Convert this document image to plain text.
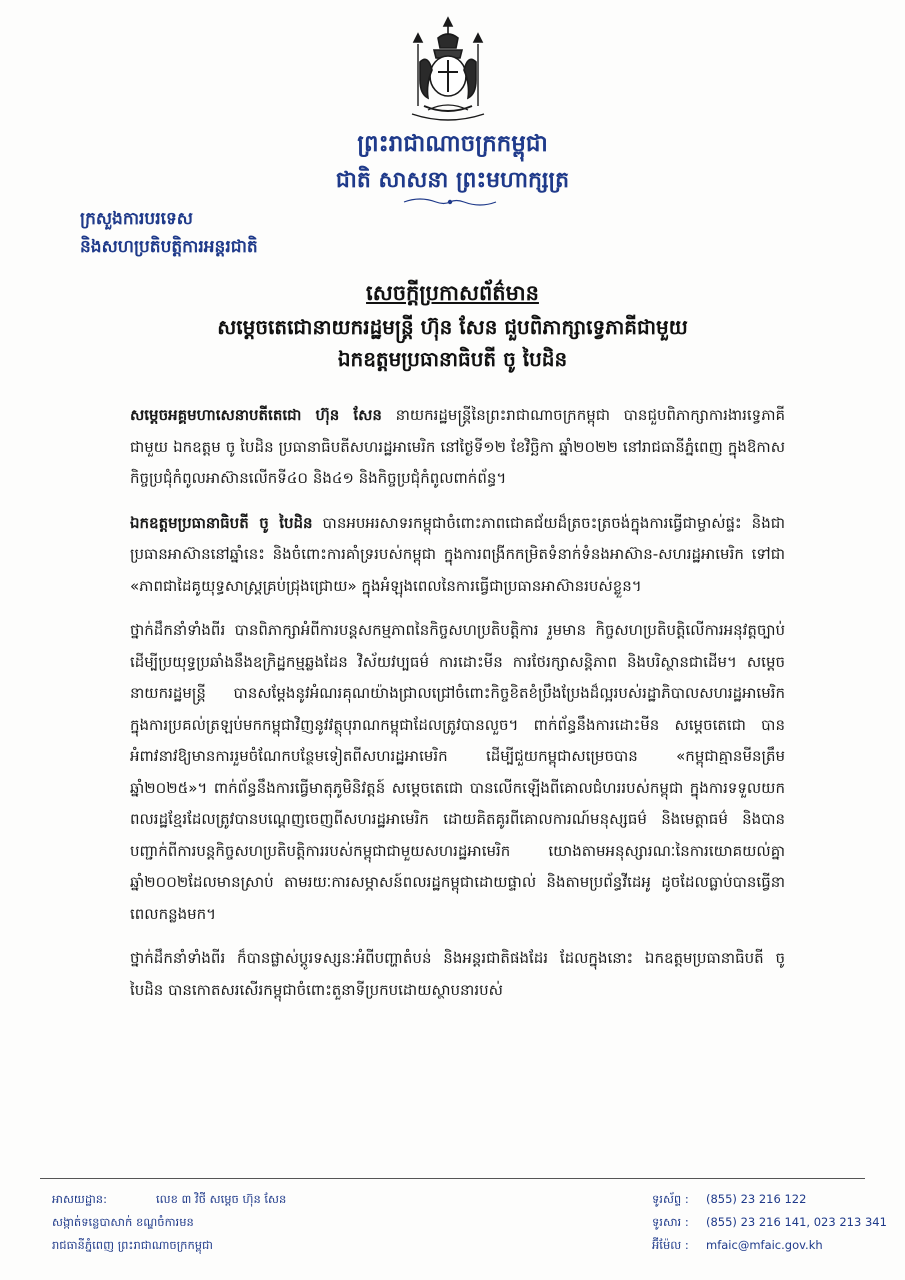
ព្រះរាជាណាចក្រកម្ពុជា
ជាតិ សាសនា ព្រះមហាក្សត្រ
ក្រសួងការបរទេស
និងសហប្រតិបត្តិការអន្តរជាតិ
សេចក្តីប្រកាសព័ត៌មាន
សម្តេចតេជោនាយករដ្ឋមន្ត្រី ហ៊ុន សែន ជួបពិភាក្សាទ្វេភាគីជាមួយ
ឯកឧត្តមប្រធានាធិបតី ចូ បៃដិន

សម្តេចអគ្គមហាសេនាបតីតេជោ ហ៊ុន សែន នាយករដ្ឋមន្ត្រីនៃព្រះរាជាណាចក្រកម្ពុជា បានជួបពិភាក្សាការងារទ្វេភាគីជាមួយ ឯកឧត្តម ចូ បៃដិន ប្រធានាធិបតីសហរដ្ឋអាមេរិក នៅថ្ងៃទី១២ ខែវិច្ឆិកា ឆ្នាំ២០២២ នៅរាជធានីភ្នំពេញ ក្នុងឱកាសកិច្ចប្រជុំកំពូលអាស៊ានលើកទី៤០ និង៤១ និងកិច្ចប្រជុំកំពូលពាក់ព័ន្ធ។

ឯកឧត្តមប្រធានាធិបតី ចូ បៃដិន បានអបអរសាទរកម្ពុជាចំពោះភាពជោគជ័យដ៏ត្រចះត្រចង់ក្នុងការធ្វើជាម្ចាស់ផ្ទះ និងជាប្រធានអាស៊ាននៅឆ្នាំនេះ និងចំពោះការគាំទ្ររបស់កម្ពុជា ក្នុងការពង្រីកកម្រិតទំនាក់ទំនងអាស៊ាន-សហរដ្ឋអាមេរិក ទៅជា «ភាពជាដៃគូយុទ្ធសាស្ត្រគ្រប់ជ្រុងជ្រោយ» ក្នុងអំឡុងពេលនៃការធ្វើជាប្រធានអាស៊ានរបស់ខ្លួន។

ថ្នាក់ដឹកនាំទាំងពីរ បានពិភាក្សាអំពីការបន្តសកម្មភាពនៃកិច្ចសហប្រតិបត្តិការ រួមមាន កិច្ចសហប្រតិបត្តិលើការអនុវត្តច្បាប់ដើម្បីប្រយុទ្ធប្រឆាំងនឹងឧក្រិដ្ឋកម្មឆ្លងដែន វិស័យវប្បធម៌ ការដោះមីន ការថែរក្សាសន្តិភាព និងបរិស្ថានជាដើម។ សម្តេចនាយករដ្ឋមន្ត្រី បានសម្តែងនូវអំណរគុណយ៉ាងជ្រាលជ្រៅចំពោះកិច្ចខិតខំប្រឹងប្រែងដ៏ល្អរបស់រដ្ឋាភិបាលសហរដ្ឋអាមេរិក ក្នុងការប្រគល់ត្រឡប់មកកម្ពុជាវិញនូវវត្ថុបុរាណកម្ពុជាដែលត្រូវបានលួច។ ពាក់ព័ន្ធនឹងការដោះមីន សម្តេចតេជោ បានអំពាវនាវឱ្យមានការរួមចំណែកបន្ថែមទៀតពីសហរដ្ឋអាមេរិក ដើម្បីជួយកម្ពុជាសម្រេចបាន «កម្ពុជាគ្មានមីនត្រឹមឆ្នាំ២០២៥»។ ពាក់ព័ន្ធនឹងការធ្វើមាតុភូមិនិវត្តន៍ សម្តេចតេជោ បានលើកឡើងពីគោលជំហររបស់កម្ពុជា ក្នុងការទទួលយកពលរដ្ឋខ្មែរដែលត្រូវបានបណ្តេញចេញពីសហរដ្ឋអាមេរិក ដោយគិតគូរពីគោលការណ៍មនុស្សធម៌ និងមេត្តាធម៌ និងបានបញ្ជាក់ពីការបន្តកិច្ចសហប្រតិបត្តិការរបស់កម្ពុជាជាមួយសហរដ្ឋអាមេរិក យោងតាមអនុស្សារណៈនៃការយោគយល់គ្នាឆ្នាំ២០០២ដែលមានស្រាប់ តាមរយៈការសម្ភាសន៍ពលរដ្ឋកម្ពុជាដោយផ្ទាល់ និងតាមប្រព័ន្ធវីដេអូ ដូចដែលធ្លាប់បានធ្វើនាពេលកន្លងមក។

ថ្នាក់ដឹកនាំទាំងពីរ ក៏បានផ្លាស់ប្តូរទស្សនៈអំពីបញ្ហាតំបន់ និងអន្តរជាតិផងដែរ ដែលក្នុងនោះ ឯកឧត្តមប្រធានាធិបតី ចូ បៃដិន បានកោតសរសើរកម្ពុជាចំពោះតួនាទីប្រកបដោយស្ថាបនារបស់

អាសយដ្ឋាន:	លេខ ៣ វិថី សម្តេច ហ៊ុន សែន
សង្កាត់ទន្លេបាសាក់ ខណ្ឌចំការមន
រាជធានីភ្នំពេញ ព្រះរាជាណាចក្រកម្ពុជា
ទូរស័ព្ទ : (855) 23 216 122
ទូរសារ : (855) 23 216 141, 023 213 341
អ៊ីម៉ែល : mfaic@mfaic.gov.kh
